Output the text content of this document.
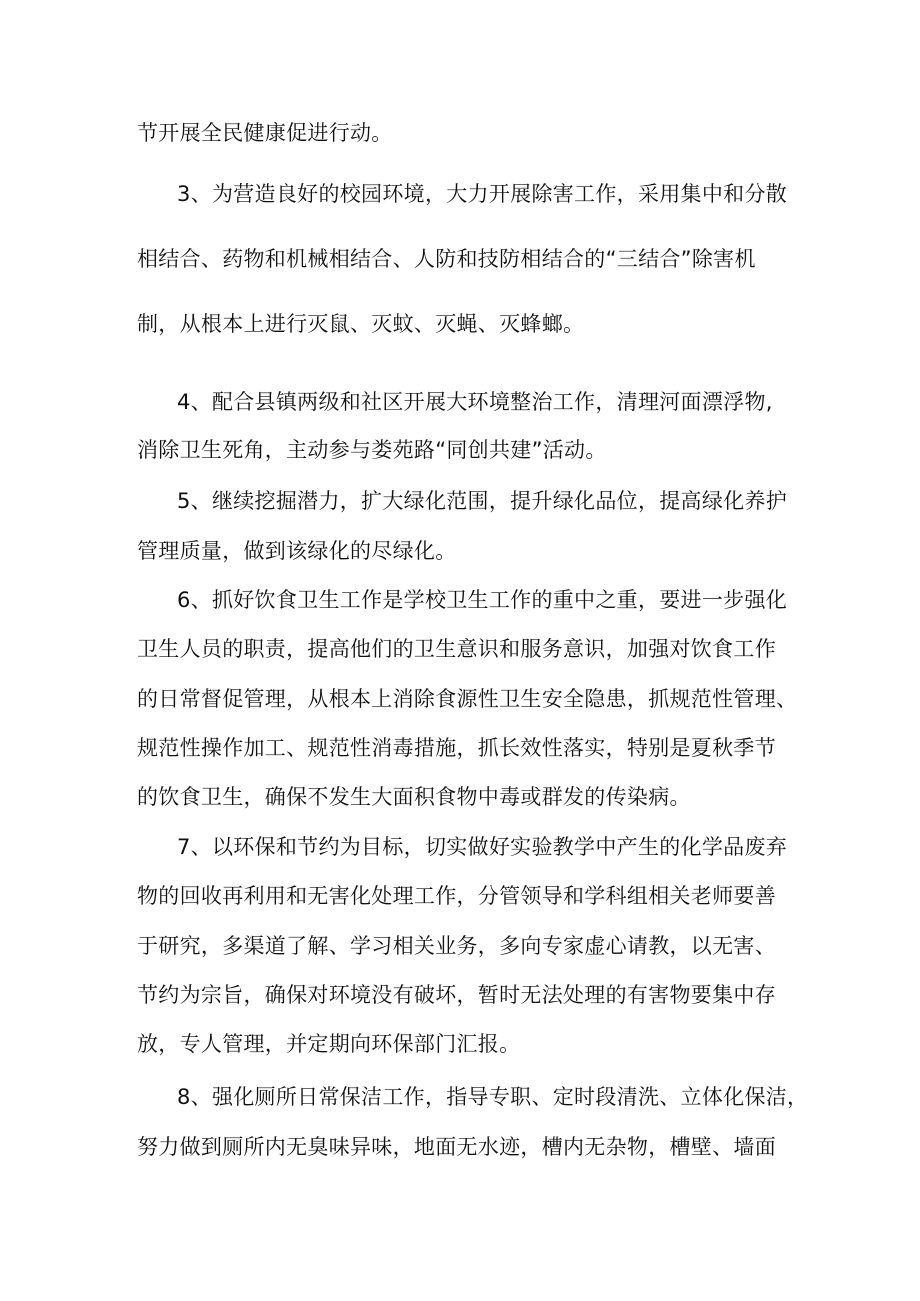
节开展全民健康促进行动。
3、为营造良好的校园环境，大力开展除害工作，采用集中和分散
相结合、药物和机械相结合、人防和技防相结合的“三结合”除害机
制，从根本上进行灭鼠、灭蚊、灭蝇、灭蜂螂。
4、配合县镇两级和社区开展大环境整治工作，清理河面漂浮物,
消除卫生死角，主动参与娄苑路“同创共建”活动。
5、继续挖掘潜力，扩大绿化范围，提升绿化品位，提高绿化养护
管理质量，做到该绿化的尽绿化。
6、抓好饮食卫生工作是学校卫生工作的重中之重，要进一步强化
卫生人员的职责，提高他们的卫生意识和服务意识，加强对饮食工作
的日常督促管理，从根本上消除食源性卫生安全隐患，抓规范性管理、
规范性操作加工、规范性消毒措施，抓长效性落实，特别是夏秋季节
的饮食卫生，确保不发生大面积食物中毒或群发的传染病。
7、以环保和节约为目标，切实做好实验教学中产生的化学品废弃
物的回收再利用和无害化处理工作，分管领导和学科组相关老师要善
于研究，多渠道了解、学习相关业务，多向专家虚心请教，以无害、
节约为宗旨，确保对环境没有破坏，暂时无法处理的有害物要集中存
放，专人管理，并定期向环保部门汇报。
8、强化厕所日常保洁工作，指导专职、定时段清洗、立体化保洁，
努力做到厕所内无臭味异味，地面无水迹，槽内无杂物，槽壁、墙面
